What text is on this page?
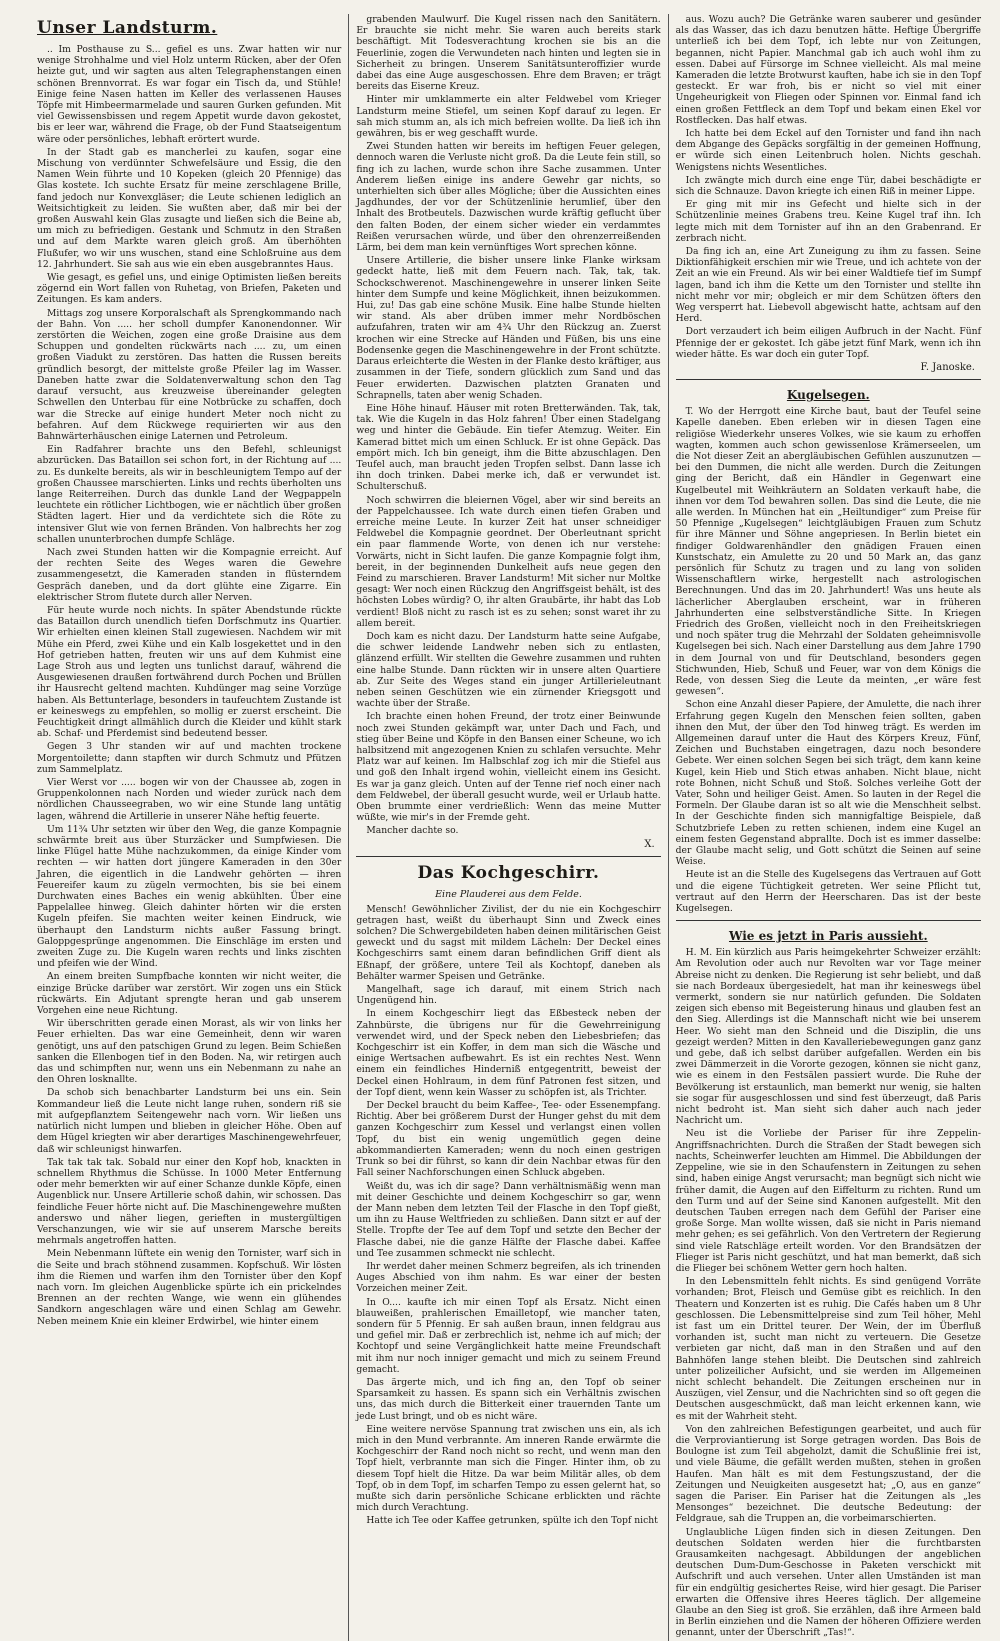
Unser Landsturm.

.. Im Posthause zu S... gefiel es uns. Zwar hatten wir nur wenige Strohhalme und viel Holz unterm Rücken, aber der Ofen heizte gut, und wir sagten aus alten Telegraphenstangen einen schönen Brennvorrat. Es war fogar ein Tisch da, und Stühle! Einige feine Nasen hatten im Keller des verlassenen Hauses Töpfe mit Himbeermarmelade und sauren Gurken gefunden. Mit viel Gewissensbissen und regem Appetit wurde davon gekostet, bis er leer war, während die Frage, ob der Fund Staatseigentum wäre oder persönliches, lebhaft erörtert wurde.

In der Stadt gab es mancherlei zu kaufen, sogar eine Mischung von verdünnter Schwefelsäure und Essig, die den Namen Wein führte und 10 Kopeken (gleich 20 Pfennige) das Glas kostete. Ich suchte Ersatz für meine zerschlagene Brille, fand jedoch nur Konvexgläser; die Leute schienen lediglich an Weitsichtigkeit zu leiden. Sie wußten aber, daß mir bei der großen Auswahl kein Glas zusagte und ließen sich die Beine ab, um mich zu befriedigen. Gestank und Schmutz in den Straßen und auf dem Markte waren gleich groß. Am überhöhten Flußufer, wo wir uns wuschen, stand eine Schloßruine aus dem 12. Jahrhundert. Sie sah aus wie ein eben ausgebranntes Haus.

Wie gesagt, es gefiel uns, und einige Optimisten ließen bereits zögernd ein Wort fallen von Ruhetag, von Briefen, Paketen und Zeitungen. Es kam anders.

Mittags zog unsere Korporalschaft als Sprengkommando nach der Bahn. Von ..... her scholl dumpfer Kanonendonner. Wir zerstörten die Weichen, zogen eine große Draisine aus dem Schuppen und gondelten rückwärts nach .... zu, um einen großen Viadukt zu zerstören. Das hatten die Russen bereits gründlich besorgt, der mittelste große Pfeiler lag im Wasser. Daneben hatte zwar die Soldatenverwaltung schon den Tag darauf versucht, aus kreuzweise übereinander gelegten Schwellen den Unterbau für eine Notbrücke zu schaffen, doch war die Strecke auf einige hundert Meter noch nicht zu befahren. Auf dem Rückwege requirierten wir aus den Bahnwärterhäuschen einige Laternen und Petroleum.

Ein Radfahrer brachte uns den Befehl, schleunigst abzurücken. Das Bataillon sei schon fort, in der Richtung auf .... zu. Es dunkelte bereits, als wir in beschleunigtem Tempo auf der großen Chaussee marschierten. Links und rechts überholten uns lange Reiterreihen. Durch das dunkle Land der Wegpappeln leuchtete ein rötlicher Lichtbogen, wie er nächtlich über großen Städten lagert. Hier und da verdichtete sich die Röte zu intensiver Glut wie von fernen Bränden. Von halbrechts her zog schallen ununterbrochen dumpfe Schläge.

Nach zwei Stunden hatten wir die Kompagnie erreicht. Auf der rechten Seite des Weges waren die Gewehre zusammengesetzt, die Kameraden standen in flüsterndem Gespräch daneben, und da dort glühte eine Zigarre. Ein elektrischer Strom flutete durch aller Nerven.

Für heute wurde noch nichts. In später Abendstunde rückte das Bataillon durch unendlich tiefen Dorfschmutz ins Quartier. Wir erhielten einen kleinen Stall zugewiesen. Nachdem wir mit Mühe ein Pferd, zwei Kühe und ein Kalb losgekettet und in den Hof getrieben hatten, freuten wir uns auf dem Kuhmist eine Lage Stroh aus und legten uns tunlichst darauf, während die Ausgewiesenen draußen fortwährend durch Pochen und Brüllen ihr Hausrecht geltend machten. Kuhdünger mag seine Vorzüge haben. Als Bettunterlage, besonders in taufeuchtem Zustande ist er keineswegs zu empfehlen, so mollig er zuerst erscheint. Die Feuchtigkeit dringt allmählich durch die Kleider und kühlt stark ab. Schaf- und Pferdemist sind bedeutend besser.

Gegen 3 Uhr standen wir auf und machten trockene Morgentoilette; dann stapften wir durch Schmutz und Pfützen zum Sammelplatz.

Vier Werst vor ..... bogen wir von der Chaussee ab, zogen in Gruppenkolonnen nach Norden und wieder zurück nach dem nördlichen Chausseegraben, wo wir eine Stunde lang untätig lagen, während die Artillerie in unserer Nähe heftig feuerte.

Um 11¾ Uhr setzten wir über den Weg, die ganze Kompagnie schwärmte breit aus über Sturzäcker und Sumpfwiesen. Die linke Flügel hatte Mühe nachzukommen, da einige Kinder vom rechten — wir hatten dort jüngere Kameraden in den 30er Jahren, die eigentlich in die Landwehr gehörten — ihren Feuereifer kaum zu zügeln vermochten, bis sie bei einem Durchwaten eines Baches ein wenig abkühlten. Über eine Pappelallee hinweg. Gleich dahinter hörten wir die ersten Kugeln pfeifen. Sie machten weiter keinen Eindruck, wie überhaupt den Landsturm nichts außer Fassung bringt. Galoppgesprünge angenommen. Die Einschläge im ersten und zweiten Zuge zu. Die Kugeln waren rechts und links zischten und pfeifen wie der Wind.

An einem breiten Sumpfbache konnten wir nicht weiter, die einzige Brücke darüber war zerstört. Wir zogen uns ein Stück rückwärts. Ein Adjutant sprengte heran und gab unserem Vorgehen eine neue Richtung.

Wir überschritten gerade einen Morast, als wir von links her Feuer erhielten. Das war eine Gemeinheit, denn wir waren genötigt, uns auf den patschigen Grund zu legen. Beim Schießen sanken die Ellenbogen tief in den Boden. Na, wir retirgen auch das und schimpften nur, wenn uns ein Nebenmann zu nahe an den Ohren losknallte.

Da schob sich benachbarter Landsturm bei uns ein. Sein Kommandeur ließ die Leute nicht lange ruhen, sondern riß sie mit aufgepflanztem Seitengewehr nach vorn. Wir ließen uns natürlich nicht lumpen und blieben in gleicher Höhe. Oben auf dem Hügel kriegten wir aber derartiges Maschinengewehrfeuer, daß wir schleunigst hinwarfen.

Tak tak tak tak. Sobald nur einer den Kopf hob, knackten in schnellem Rhythmus die Schüsse. In 1000 Meter Entfernung oder mehr bemerkten wir auf einer Schanze dunkle Köpfe, einen Augenblick nur. Unsere Artillerie schoß dahin, wir schossen. Das feindliche Feuer hörte nicht auf. Die Maschinengewehre mußten anderswo und näher liegen, gerieften in mustergültigen Verschanzungen, wie wir sie auf unserem Marsche bereits mehrmals angetroffen hatten.

Mein Nebenmann lüftete ein wenig den Tornister, warf sich in die Seite und brach stöhnend zusammen. Kopfschuß. Wir lösten ihm die Riemen und warfen ihm den Tornister über den Kopf nach vorn. Im gleichen Augenblicke spürte ich ein prickelndes Brennen an der rechten Wange, wie wenn ein glühendes Sandkorn angeschlagen wäre und einen Schlag am Gewehr. Neben meinem Knie ein kleiner Erdwirbel, wie hinter einem

grabenden Maulwurf. Die Kugel rissen nach den Sanitätern. Er brauchte sie nicht mehr. Sie waren auch bereits stark beschäftigt. Mit Todesverachtung krochen sie bis an die Feuerlinie, zogen die Verwundeten nach hinten und legten sie in Sicherheit zu bringen. Unserem Sanitätsunteroffizier wurde dabei das eine Auge ausgeschossen. Ehre dem Braven; er trägt bereits das Eiserne Kreuz.

Hinter mir umklammerte ein alter Feldwebel vom Krieger Landsturm meine Stiefel, um seinen Kopf darauf zu legen. Er sah mich stumm an, als ich mich befreien wollte. Da ließ ich ihn gewähren, bis er weg geschafft wurde.

Zwei Stunden hatten wir bereits im heftigen Feuer gelegen, dennoch waren die Verluste nicht groß. Da die Leute fein still, so fing ich zu lachen, wurde schon ihre Sache zusammen. Unter Anderem ließen einige ins andere Gewehr gar nichts, so unterhielten sich über alles Mögliche; über die Aussichten eines Jagdhundes, der vor der Schützenlinie herumlief, über den Inhalt des Brotbeutels. Dazwischen wurde kräftig geflucht über den falten Boden, der einem sicher wieder ein verdammtes Reißen verursachen würde, und über den ohrenzerreißenden Lärm, bei dem man kein vernünftiges Wort sprechen könne.

Unsere Artillerie, die bisher unsere linke Flanke wirksam gedeckt hatte, ließ mit dem Feuern nach. Tak, tak, tak. Schockschwerenot. Maschinengewehre in unserer linken Seite hinter dem Sumpfe und keine Möglichkeit, ihnen beizukommen. Hui, zu! Das gab eine schöne Musik. Eine halbe Stunde hielten wir stand. Als aber drüben immer mehr Nordböschen aufzufahren, traten wir am 4¾ Uhr den Rückzug an. Zuerst krochen wir eine Strecke auf Händen und Füßen, bis uns eine Bodensenke gegen die Maschinengewehre in der Front schützte. Daraus erleichterte die Westen in der Flanke desto kräftiger, aus zusammen in der Tiefe, sondern glücklich zum Sand und das Feuer erwiderten. Dazwischen platzten Granaten und Schrapnells, taten aber wenig Schaden.

Eine Höhe hinauf. Häuser mit roten Bretterwänden. Tak, tak, tak. Wie die Kugeln in das Holz fahren! Über einen Stadelgang weg und hinter die Gebäude. Ein tiefer Atemzug. Weiter. Ein Kamerad bittet mich um einen Schluck. Er ist ohne Gepäck. Das empört mich. Ich bin geneigt, ihm die Bitte abzuschlagen. Den Teufel auch, man braucht jeden Tropfen selbst. Dann lasse ich ihn doch trinken. Dabei merke ich, daß er verwundet ist. Schulterschuß.

Noch schwirren die bleiernen Vögel, aber wir sind bereits an der Pappelchaussee. Ich wate durch einen tiefen Graben und erreiche meine Leute. In kurzer Zeit hat unser schneidiger Feldwebel die Kompagnie geordnet. Der Oberleutnant spricht ein paar flammende Worte, von denen ich nur verstehe: Vorwärts, nicht in Sicht laufen. Die ganze Kompagnie folgt ihm, bereit, in der beginnenden Dunkelheit aufs neue gegen den Feind zu marschieren. Braver Landsturm! Mit sicher nur Moltke gesagt: Wer noch einen Rückzug den Angriffsgeist behält, ist des höchsten Lobes würdig? O, ihr alten Graubärte, ihr habt das Lob verdient! Bloß nicht zu rasch ist es zu sehen; sonst waret ihr zu allem bereit.

Doch kam es nicht dazu. Der Landsturm hatte seine Aufgabe, die schwer leidende Landwehr neben sich zu entlasten, glänzend erfüllt. Wir stellten die Gewehre zusammen und ruhten eine halbe Stunde. Dann rückten wir in unsere alten Quartiere ab. Zur Seite des Weges stand ein junger Artillerieleutnant neben seinen Geschützen wie ein zürnender Kriegsgott und wachte über der Straße.

Ich brachte einen hohen Freund, der trotz einer Beinwunde noch zwei Stunden gekämpft war, unter Dach und Fach, und stieg über Beine und Köpfe in den Bansen einer Scheune, wo ich halbsitzend mit angezogenen Knien zu schlafen versuchte. Mehr Platz war auf keinen. Im Halbschlaf zog ich mir die Stiefel aus und goß den Inhalt irgend wohin, vielleicht einem ins Gesicht. Es war ja ganz gleich. Unten auf der Tenne rief noch einer nach dem Feldwebel, der überall gesucht wurde, weil er Urlaub hatte. Oben brummte einer verdrießlich: Wenn das meine Mutter wüßte, wie mir's in der Fremde geht.

Mancher dachte so.

X.
Das Kochgeschirr.
Eine Plauderei aus dem Felde.

Mensch! Gewöhnlicher Zivilist, der du nie ein Kochgeschirr getragen hast, weißt du überhaupt Sinn und Zweck eines solchen? Die Schwergebildeten haben deinen militärischen Geist geweckt und du sagst mit mildem Lächeln: Der Deckel eines Kochgeschirrs samt einem daran befindlichen Griff dient als Eßnapf, der größere, untere Teil als Kochtopf, daneben als Behälter warmer Speisen und Getränke.

Mangelhaft, sage ich darauf, mit einem Strich nach Ungenügend hin.

In einem Kochgeschirr liegt das Eßbesteck neben der Zahnbürste, die übrigens nur für die Gewehrreinigung verwendet wird, und der Speck neben den Liebesbriefen; das Kochgeschirr ist ein Koffer, in dem man sich die Wäsche und einige Wertsachen aufbewahrt. Es ist ein rechtes Nest. Wenn einem ein feindliches Hinderniß entgegentritt, beweist der Deckel einen Hohlraum, in dem fünf Patronen fest sitzen, und der Topf dient, wenn kein Wasser zu schöpfen ist, als Trichter.

Der Deckel braucht du beim Kaffee-, Tee- oder Essenempfang. Richtig. Aber bei größerem Durst der Hunger gehst du mit dem ganzen Kochgeschirr zum Kessel und verlangst einen vollen Topf, du bist ein wenig ungemütlich gegen deine abkommandierten Kameraden; wenn du noch einen gestrigen Trunk so bei dir führst, so kann dir dein Nachbar etwas für den Fall seiner Nachforschungen einen Schluck abgeben.

Weißt du, was ich dir sage? Dann verhältnismäßig wenn man mit deiner Geschichte und deinem Kochgeschirr so gar, wenn der Mann neben dem letzten Teil der Flasche in den Topf gießt, um ihn zu Hause Weltfrieden zu schließen. Dann sitzt er auf der Stelle. Tropfte der Tee auf dem Topf und setzte den Becher der Flasche dabei, nie die ganze Hälfte der Flasche dabei. Kaffee und Tee zusammen schmeckt nie schlecht.

Ihr werdet daher meinen Schmerz begreifen, als ich trinenden Auges Abschied von ihm nahm. Es war einer der besten Vorzeichen meiner Zeit.

In O.... kaufte ich mir einen Topf als Ersatz. Nicht einen blauweißen, prahlerischen Emailletopf, wie mancher taten, sondern für 5 Pfennig. Er sah außen braun, innen feldgrau aus und gefiel mir. Daß er zerbrechlich ist, nehme ich auf mich; der Kochtopf und seine Vergänglichkeit hatte meine Freundschaft mit ihm nur noch inniger gemacht und mich zu seinem Freund gemacht.

Das ärgerte mich, und ich fing an, den Topf ob seiner Sparsamkeit zu hassen. Es spann sich ein Verhältnis zwischen uns, das mich durch die Bitterkeit einer trauernden Tante um jede Lust bringt, und ob es nicht wäre.

Eine weitere nervöse Spannung trat zwischen uns ein, als ich mich in den Mund verbrannte. Am inneren Rande erwärmte die Kochgeschirr der Rand noch nicht so recht, und wenn man den Topf hielt, verbrannte man sich die Finger. Hinter ihm, ob zu diesem Topf hielt die Hitze. Da war beim Militär alles, ob dem Topf, ob in dem Topf, im scharfen Tempo zu essen gelernt hat, so mußte sich darin persönliche Schicane erblickten und rächte mich durch Verachtung.

Hatte ich Tee oder Kaffee getrunken, spülte ich den Topf nicht

aus. Wozu auch? Die Getränke waren sauberer und gesünder als das Wasser, das ich dazu benutzen hätte. Heftige Übergriffe unterließ ich bei dem Topf, ich lebte nur von Zeitungen, begannen, nicht Papier. Manchmal gab ich auch wohl ihm zu essen. Dabei auf Fürsorge im Schnee vielleicht. Als mal meine Kameraden die letzte Brotwurst kauften, habe ich sie in den Topf gesteckt. Er war froh, bis er nicht so viel mit einer Ungeheurigkeit von Fliegen oder Spinnen vor. Einmal fand ich einen großen Fettfleck an dem Topf und bekam einen Ekel vor Rostflecken. Das half etwas.

Ich hatte bei dem Eckel auf den Tornister und fand ihn nach dem Abgange des Gepäcks sorgfältig in der gemeinen Hoffnung, er würde sich einen Leitenbruch holen. Nichts geschah. Wenigstens nichts Wesentliches.

Ich zwängte mich durch eine enge Tür, dabei beschädigte er sich die Schnauze. Davon kriegte ich einen Riß in meiner Lippe.

Er ging mit mir ins Gefecht und hielte sich in der Schützenlinie meines Grabens treu. Keine Kugel traf ihn. Ich legte mich mit dem Tornister auf ihn an den Grabenrand. Er zerbrach nicht.

Da fing ich an, eine Art Zuneigung zu ihm zu fassen. Seine Diktionfähigkeit erschien mir wie Treue, und ich achtete von der Zeit an wie ein Freund. Als wir bei einer Waldtiefe tief im Sumpf lagen, band ich ihm die Kette um den Tornister und stellte ihn nicht mehr vor mir; obgleich er mir dem Schützen öfters den Weg versperrt hat. Liebevoll abgewischt hatte, achtsam auf den Herd.

Dort verzaudert ich beim eiligen Aufbruch in der Nacht. Fünf Pfennige der er gekostet. Ich gäbe jetzt fünf Mark, wenn ich ihn wieder hätte. Es war doch ein guter Topf.

F. Janoske.
Kugelsegen.

T. Wo der Herrgott eine Kirche baut, baut der Teufel seine Kapelle daneben. Eben erleben wir in diesen Tagen eine religiöse Wiederkehr unseres Volkes, wie sie kaum zu erhoffen wagten, kommen auch schon gewissenlose Krämerseelen, um die Not dieser Zeit an abergläubischen Gefühlen auszunutzen — bei den Dummen, die nicht alle werden. Durch die Zeitungen ging der Bericht, daß ein Händler in Gegenwart eine Kugelbeutel mit Weihkräutern an Soldaten verkauft habe, die ihnen vor dem Tod bewahren sollen. Das sind die Leute, die nie alle werden. In München hat ein „Heiltundiger“ zum Preise für 50 Pfennige „Kugelsegen“ leichtgläubigen Frauen zum Schutz für ihre Männer und Söhne angepriesen. In Berlin bietet ein findiger Goldwarenhändler den gnädigen Frauen einen Kunstschatz, ein Amulette zu 20 und 50 Mark an, das ganz persönlich für Schutz zu tragen und zu lang von soliden Wissenschaftlern wirke, hergestellt nach astrologischen Berechnungen. Und das im 20. Jahrhundert! Was uns heute als lächerlicher Aberglauben erscheint, war in früheren Jahrhunderten eine selbstverständliche Sitte. In Kriegen Friedrich des Großen, vielleicht noch in den Freiheitskriegen und noch später trug die Mehrzahl der Soldaten geheimnisvolle Kugelsegen bei sich. Nach einer Darstellung aus dem Jahre 1790 in dem Journal von und für Deutschland, besonders gegen Stichwunden, Hieb, Schuß und Feuer, war von dem Königs die Rede, von dessen Sieg die Leute da meinten, „er wäre fest gewesen“.

Schon eine Anzahl dieser Papiere, der Amulette, die nach ihrer Erfahrung gegen Kugeln den Menschen feien sollten, gaben ihnen den Mut, der über den Tod hinweg trägt. Es werden im Allgemeinen darauf unter die Haut des Körpers Kreuz, Fünf, Zeichen und Buchstaben eingetragen, dazu noch besondere Gebete. Wer einen solchen Segen bei sich trägt, dem kann keine Kugel, kein Hieb und Stich etwas anhaben. Nicht blaue, nicht rote Bohnen, nicht Schuß und Stoß. Solches verleihe Gott der Vater, Sohn und heiliger Geist. Amen. So lauten in der Regel die Formeln. Der Glaube daran ist so alt wie die Menschheit selbst. In der Geschichte finden sich mannigfaltige Beispiele, daß Schutzbriefe Leben zu retten schienen, indem eine Kugel an einem festen Gegenstand abprallte. Doch ist es immer dasselbe: der Glaube macht selig, und Gott schützt die Seinen auf seine Weise.

Heute ist an die Stelle des Kugelsegens das Vertrauen auf Gott und die eigene Tüchtigkeit getreten. Wer seine Pflicht tut, vertraut auf den Herrn der Heerscharen. Das ist der beste Kugelsegen.

Wie es jetzt in Paris aussieht.

H. M. Ein kürzlich aus Paris heimgekehrter Schweizer erzählt: Am Revolution oder auch nur Revolten war vor Tage meiner Abreise nicht zu denken. Die Regierung ist sehr beliebt, und daß sie nach Bordeaux übergesiedelt, hat man ihr keineswegs übel vermerkt, sondern sie nur natürlich gefunden. Die Soldaten zeigen sich ebenso mit Begeisterung hinaus und glauben fest an den Sieg. Allerdings ist die Mannschaft nicht wie bei unserem Heer. Wo sieht man den Schneid und die Disziplin, die uns gezeigt werden? Mitten in den Kavalleriebewegungen ganz ganz und gebe, daß ich selbst darüber aufgefallen. Werden ein bis zwei Dämmerzeit in die Vororte gezogen, können sie nicht ganz, wie es einem in den Festsälen passiert wurde. Die Ruhe der Bevölkerung ist erstaunlich, man bemerkt nur wenig, sie halten sie sogar für ausgeschlossen und sind fest überzeugt, daß Paris nicht bedroht ist. Man sieht sich daher auch nach jeder Nachricht um.

Neu ist die Vorliebe der Pariser für ihre Zeppelin-Angriffsnachrichten. Durch die Straßen der Stadt bewegen sich nachts, Scheinwerfer leuchten am Himmel. Die Abbildungen der Zeppeline, wie sie in den Schaufenstern in Zeitungen zu sehen sind, haben einige Angst verursacht; man begnügt sich nicht wie früher damit, die Augen auf den Eiffelturm zu richten. Rund um den Turm und auf der Seine sind Kanonen aufgestellt. Mit den deutschen Tauben erregen nach dem Gefühl der Pariser eine große Sorge. Man wollte wissen, daß sie nicht in Paris niemand mehr gehen; es sei gefährlich. Von den Vertretern der Regierung sind viele Ratschläge erteilt worden. Vor den Brandsätzen der Flieger ist Paris nicht geschützt, und hat man bemerkt, daß sich die Flieger bei schönem Wetter gern hoch halten.

In den Lebensmitteln fehlt nichts. Es sind genügend Vorräte vorhanden; Brot, Fleisch und Gemüse gibt es reichlich. In den Theatern und Konzerten ist es ruhig. Die Cafés haben um 8 Uhr geschlossen. Die Lebensmittelpreise sind zum Teil höher, Mehl ist fast um ein Drittel teurer. Der Wein, der im Überfluß vorhanden ist, sucht man nicht zu verteuern. Die Gesetze verbieten gar nicht, daß man in den Straßen und auf den Bahnhöfen lange stehen bleibt. Die Deutschen sind zahlreich unter polizeilicher Aufsicht, und sie werden im Allgemeinen nicht schlecht behandelt. Die Zeitungen erscheinen nur in Auszügen, viel Zensur, und die Nachrichten sind so oft gegen die Deutschen ausgeschmückt, daß man leicht erkennen kann, wie es mit der Wahrheit steht.

Von den zahlreichen Befestigungen gearbeitet, und auch für die Verproviantierung ist Sorge getragen worden. Das Bois de Boulogne ist zum Teil abgeholzt, damit die Schußlinie frei ist, und viele Bäume, die gefällt werden mußten, stehen in großen Haufen. Man hält es mit dem Festungszustand, der die Zeitungen und Neuigkeiten ausgesetzt hat; „O, aus en ganze“ sagen die Pariser. Ein Pariser hat die Zeitungen als „les Mensonges“ bezeichnet. Die deutsche Bedeutung: der Feldgraue, sah die Truppen an, die vorbeimarschierten.

Unglaubliche Lügen finden sich in diesen Zeitungen. Den deutschen Soldaten werden hier die furchtbarsten Grausamkeiten nachgesagt. Abbildungen der angeblichen deutschen Dum-Dum-Geschosse in Paketen verschickt mit Aufschrift und auch versehen. Unter allen Umständen ist man für ein endgültig gesichertes Reise, wird hier gesagt. Die Pariser erwarten die Offensive ihres Heeres täglich. Der allgemeine Glaube an den Sieg ist groß. Sie erzählen, daß ihre Armeen bald in Berlin einziehen und die Namen der höheren Offiziere werden genannt, unter der Überschrift „Tas!“.
